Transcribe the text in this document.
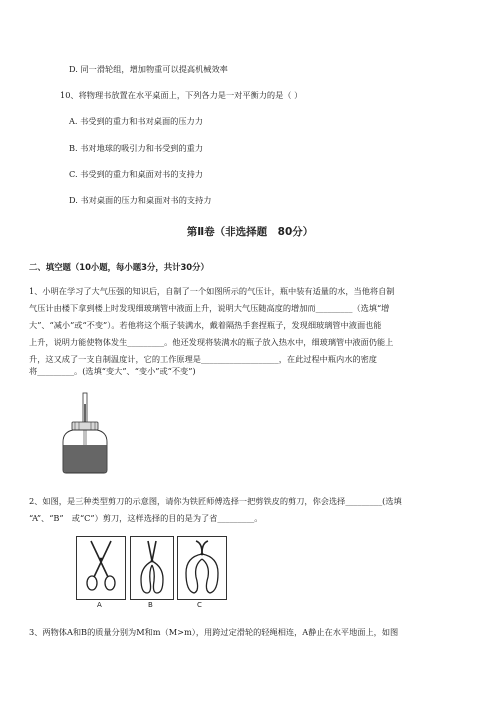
D. 同一滑轮组，增加物重可以提高机械效率
10、将物理书放置在水平桌面上，下列各力是一对平衡力的是（ ）
A. 书受到的重力和书对桌面的压力力
B. 书对地球的吸引力和书受到的重力
C. 书受到的重力和桌面对书的支持力
D. 书对桌面的压力和桌面对书的支持力
第Ⅱ卷（非选择题　80分）
二、填空题（10小题，每小题3分，共计30分）
1、小明在学习了大气压强的知识后，自制了一个如图所示的气压计，瓶中装有适量的水，当他将自制
气压计由楼下拿到楼上时发现细玻璃管中液面上升，说明大气压随高度的增加而_________（选填“增
大”、“减小”或“不变”）。若他将这个瓶子装满水，戴着隔热手套捏瓶子，发现细玻璃管中液面也能
上升，说明力能使物体发生_________。他还发现将装满水的瓶子放入热水中，细玻璃管中液面仍能上
升，这又成了一支自制温度计，它的工作原理是___________________，在此过程中瓶内水的密度
将_________。(选填“变大”、“变小”或“不变”)
2、如图，是三种类型剪刀的示意图，请你为铁匠师傅选择一把剪铁皮的剪刀，你会选择_________(选填
“A”、“B”　或“C”）剪刀，这样选择的目的是为了省_________。
A	B	C
3、两物体A和B的质量分别为M和m（M>m），用跨过定滑轮的轻绳相连，A静止在水平地面上，如图
